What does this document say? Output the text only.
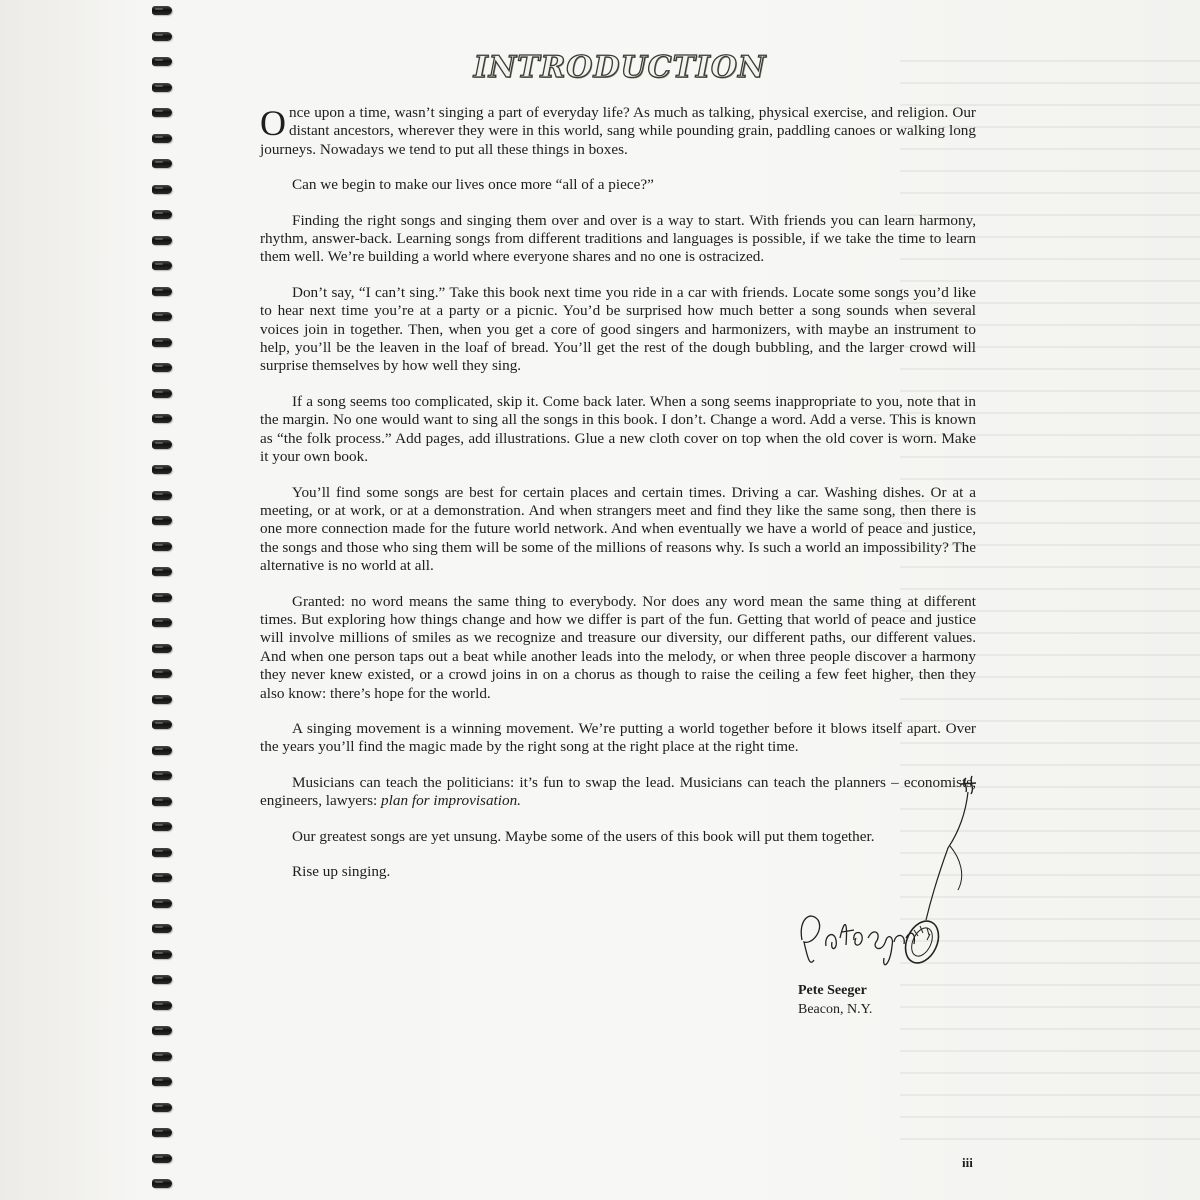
INTRODUCTION

Once upon a time, wasn’t singing a part of everyday life? As much as talking, physical exercise, and religion. Our distant ancestors, wherever they were in this world, sang while pounding grain, paddling canoes or walking long journeys. Nowadays we tend to put all these things in boxes.

Can we begin to make our lives once more “all of a piece?”

Finding the right songs and singing them over and over is a way to start. With friends you can learn harmony, rhythm, answer-back. Learning songs from different traditions and languages is possible, if we take the time to learn them well. We’re building a world where everyone shares and no one is ostracized.

Don’t say, “I can’t sing.” Take this book next time you ride in a car with friends. Locate some songs you’d like to hear next time you’re at a party or a picnic. You’d be surprised how much better a song sounds when several voices join in together. Then, when you get a core of good singers and harmonizers, with maybe an instrument to help, you’ll be the leaven in the loaf of bread. You’ll get the rest of the dough bubbling, and the larger crowd will surprise themselves by how well they sing.

If a song seems too complicated, skip it. Come back later. When a song seems inappropriate to you, note that in the margin. No one would want to sing all the songs in this book. I don’t. Change a word. Add a verse. This is known as “the folk process.” Add pages, add illustrations. Glue a new cloth cover on top when the old cover is worn. Make it your own book.

You’ll find some songs are best for certain places and certain times. Driving a car. Washing dishes. Or at a meeting, or at work, or at a demonstration. And when strangers meet and find they like the same song, then there is one more connection made for the future world network. And when eventually we have a world of peace and justice, the songs and those who sing them will be some of the millions of reasons why. Is such a world an impossibility? The alternative is no world at all.

Granted: no word means the same thing to everybody. Nor does any word mean the same thing at different times. But exploring how things change and how we differ is part of the fun. Getting that world of peace and justice will involve millions of smiles as we recognize and treasure our diversity, our different paths, our different values. And when one person taps out a beat while another leads into the melody, or when three people discover a harmony they never knew existed, or a crowd joins in on a chorus as though to raise the ceiling a few feet higher, then they also know: there’s hope for the world.

A singing movement is a winning movement. We’re putting a world together before it blows itself apart. Over the years you’ll find the magic made by the right song at the right place at the right time.

Musicians can teach the politicians: it’s fun to swap the lead. Musicians can teach the planners – economists, engineers, lawyers: plan for improvisation.

Our greatest songs are yet unsung. Maybe some of the users of this book will put them together.

Rise up singing.

Pete Seeger
Pete Seeger
Beacon, N.Y.
iii
